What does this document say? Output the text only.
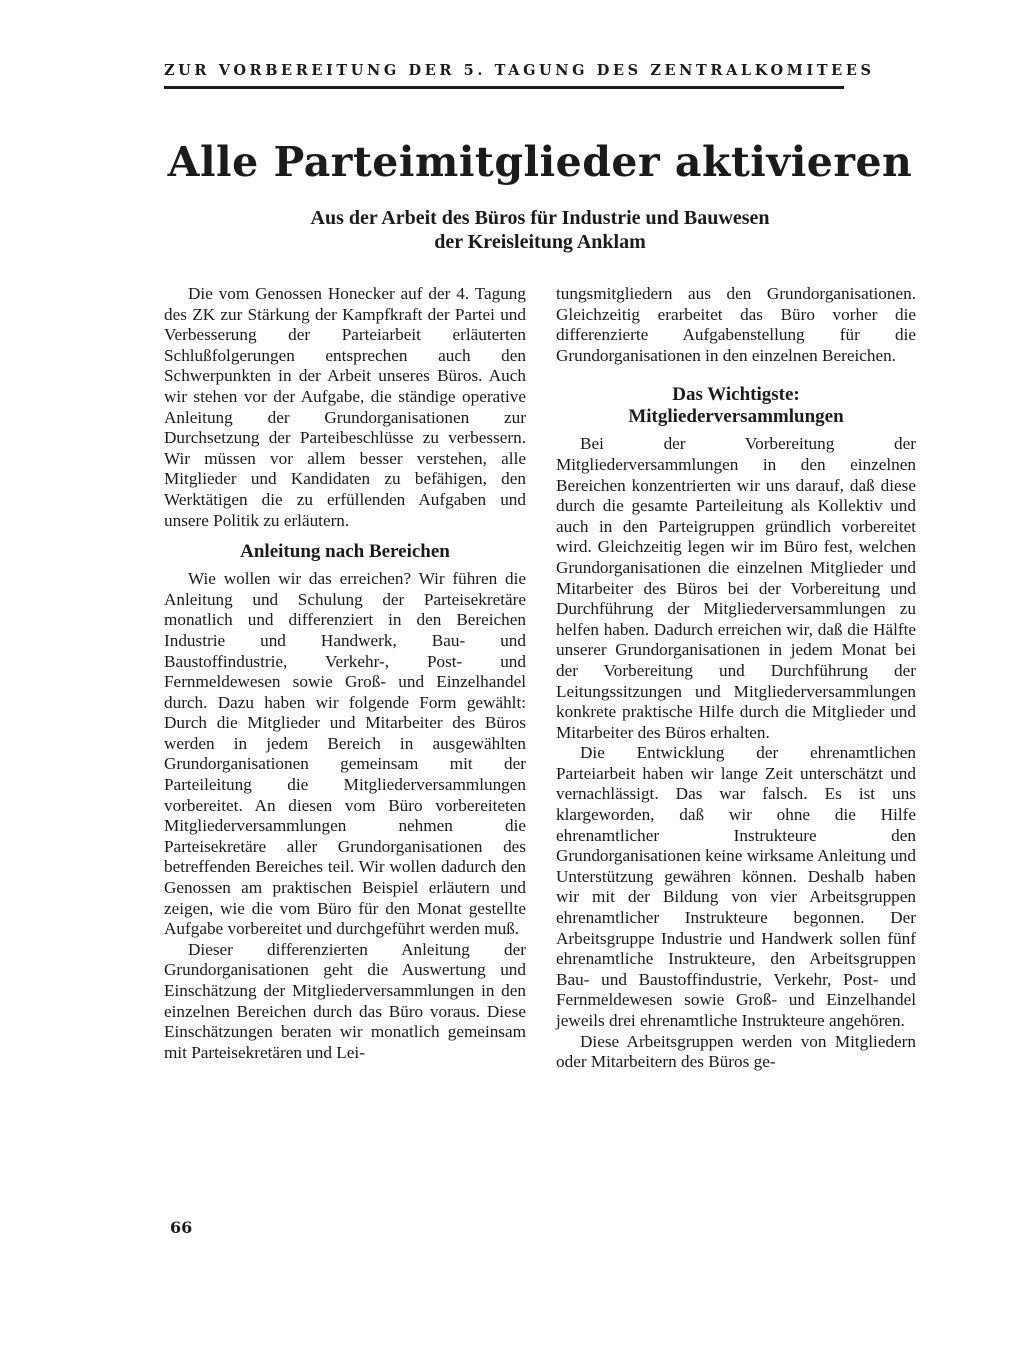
ZUR VORBEREITUNG DER 5. TAGUNG DES ZENTRALKOMITEES
Alle Parteimitglieder aktivieren
Aus der Arbeit des Büros für Industrie und Bauwesen
der Kreisleitung Anklam

Die vom Genossen Honecker auf der 4. Tagung des ZK zur Stärkung der Kampfkraft der Partei und Verbesserung der Parteiarbeit erläuterten Schlußfolgerungen entsprechen auch den Schwerpunkten in der Arbeit unseres Büros. Auch wir stehen vor der Aufgabe, die ständige operative Anleitung der Grundorganisationen zur Durchsetzung der Parteibeschlüsse zu verbessern. Wir müssen vor allem besser verstehen, alle Mitglieder und Kandidaten zu befähigen, den Werktätigen die zu erfüllenden Aufgaben und unsere Politik zu erläutern.

Anleitung nach Bereichen

Wie wollen wir das erreichen? Wir führen die Anleitung und Schulung der Parteisekretäre monatlich und differenziert in den Bereichen Industrie und Handwerk, Bau- und Baustoffindustrie, Verkehr-, Post- und Fernmeldewesen sowie Groß- und Einzelhandel durch. Dazu haben wir folgende Form gewählt: Durch die Mitglieder und Mitarbeiter des Büros werden in jedem Bereich in ausgewählten Grundorganisationen gemeinsam mit der Parteileitung die Mitgliederversammlungen vorbereitet. An diesen vom Büro vorbereiteten Mitgliederversammlungen nehmen die Parteisekretäre aller Grundorganisationen des betreffenden Bereiches teil. Wir wollen dadurch den Genossen am praktischen Beispiel erläutern und zeigen, wie die vom Büro für den Monat gestellte Aufgabe vorbereitet und durchgeführt werden muß.

Dieser differenzierten Anleitung der Grundorganisationen geht die Auswertung und Einschätzung der Mitgliederversammlungen in den einzelnen Bereichen durch das Büro voraus. Diese Einschätzungen beraten wir monatlich gemeinsam mit Parteisekretären und Lei-

tungsmitgliedern aus den Grundorganisationen. Gleichzeitig erarbeitet das Büro vorher die differenzierte Aufgabenstellung für die Grundorganisationen in den einzelnen Bereichen.

Das Wichtigste:
Mitgliederversammlungen

Bei der Vorbereitung der Mitgliederversammlungen in den einzelnen Bereichen konzentrierten wir uns darauf, daß diese durch die gesamte Parteileitung als Kollektiv und auch in den Parteigruppen gründlich vorbereitet wird. Gleichzeitig legen wir im Büro fest, welchen Grundorganisationen die einzelnen Mitglieder und Mitarbeiter des Büros bei der Vorbereitung und Durchführung der Mitgliederversammlungen zu helfen haben. Dadurch erreichen wir, daß die Hälfte unserer Grundorganisationen in jedem Monat bei der Vorbereitung und Durchführung der Leitungssitzungen und Mitgliederversammlungen konkrete praktische Hilfe durch die Mitglieder und Mitarbeiter des Büros erhalten.

Die Entwicklung der ehrenamtlichen Parteiarbeit haben wir lange Zeit unterschätzt und vernachlässigt. Das war falsch. Es ist uns klargeworden, daß wir ohne die Hilfe ehrenamtlicher Instrukteure den Grundorganisationen keine wirksame Anleitung und Unterstützung gewähren können. Deshalb haben wir mit der Bildung von vier Arbeitsgruppen ehrenamtlicher Instrukteure begonnen. Der Arbeitsgruppe Industrie und Handwerk sollen fünf ehrenamtliche Instrukteure, den Arbeitsgruppen Bau- und Baustoffindustrie, Verkehr, Post- und Fernmeldewesen sowie Groß- und Einzelhandel jeweils drei ehrenamtliche Instrukteure angehören.

Diese Arbeitsgruppen werden von Mitgliedern oder Mitarbeitern des Büros ge-

66
